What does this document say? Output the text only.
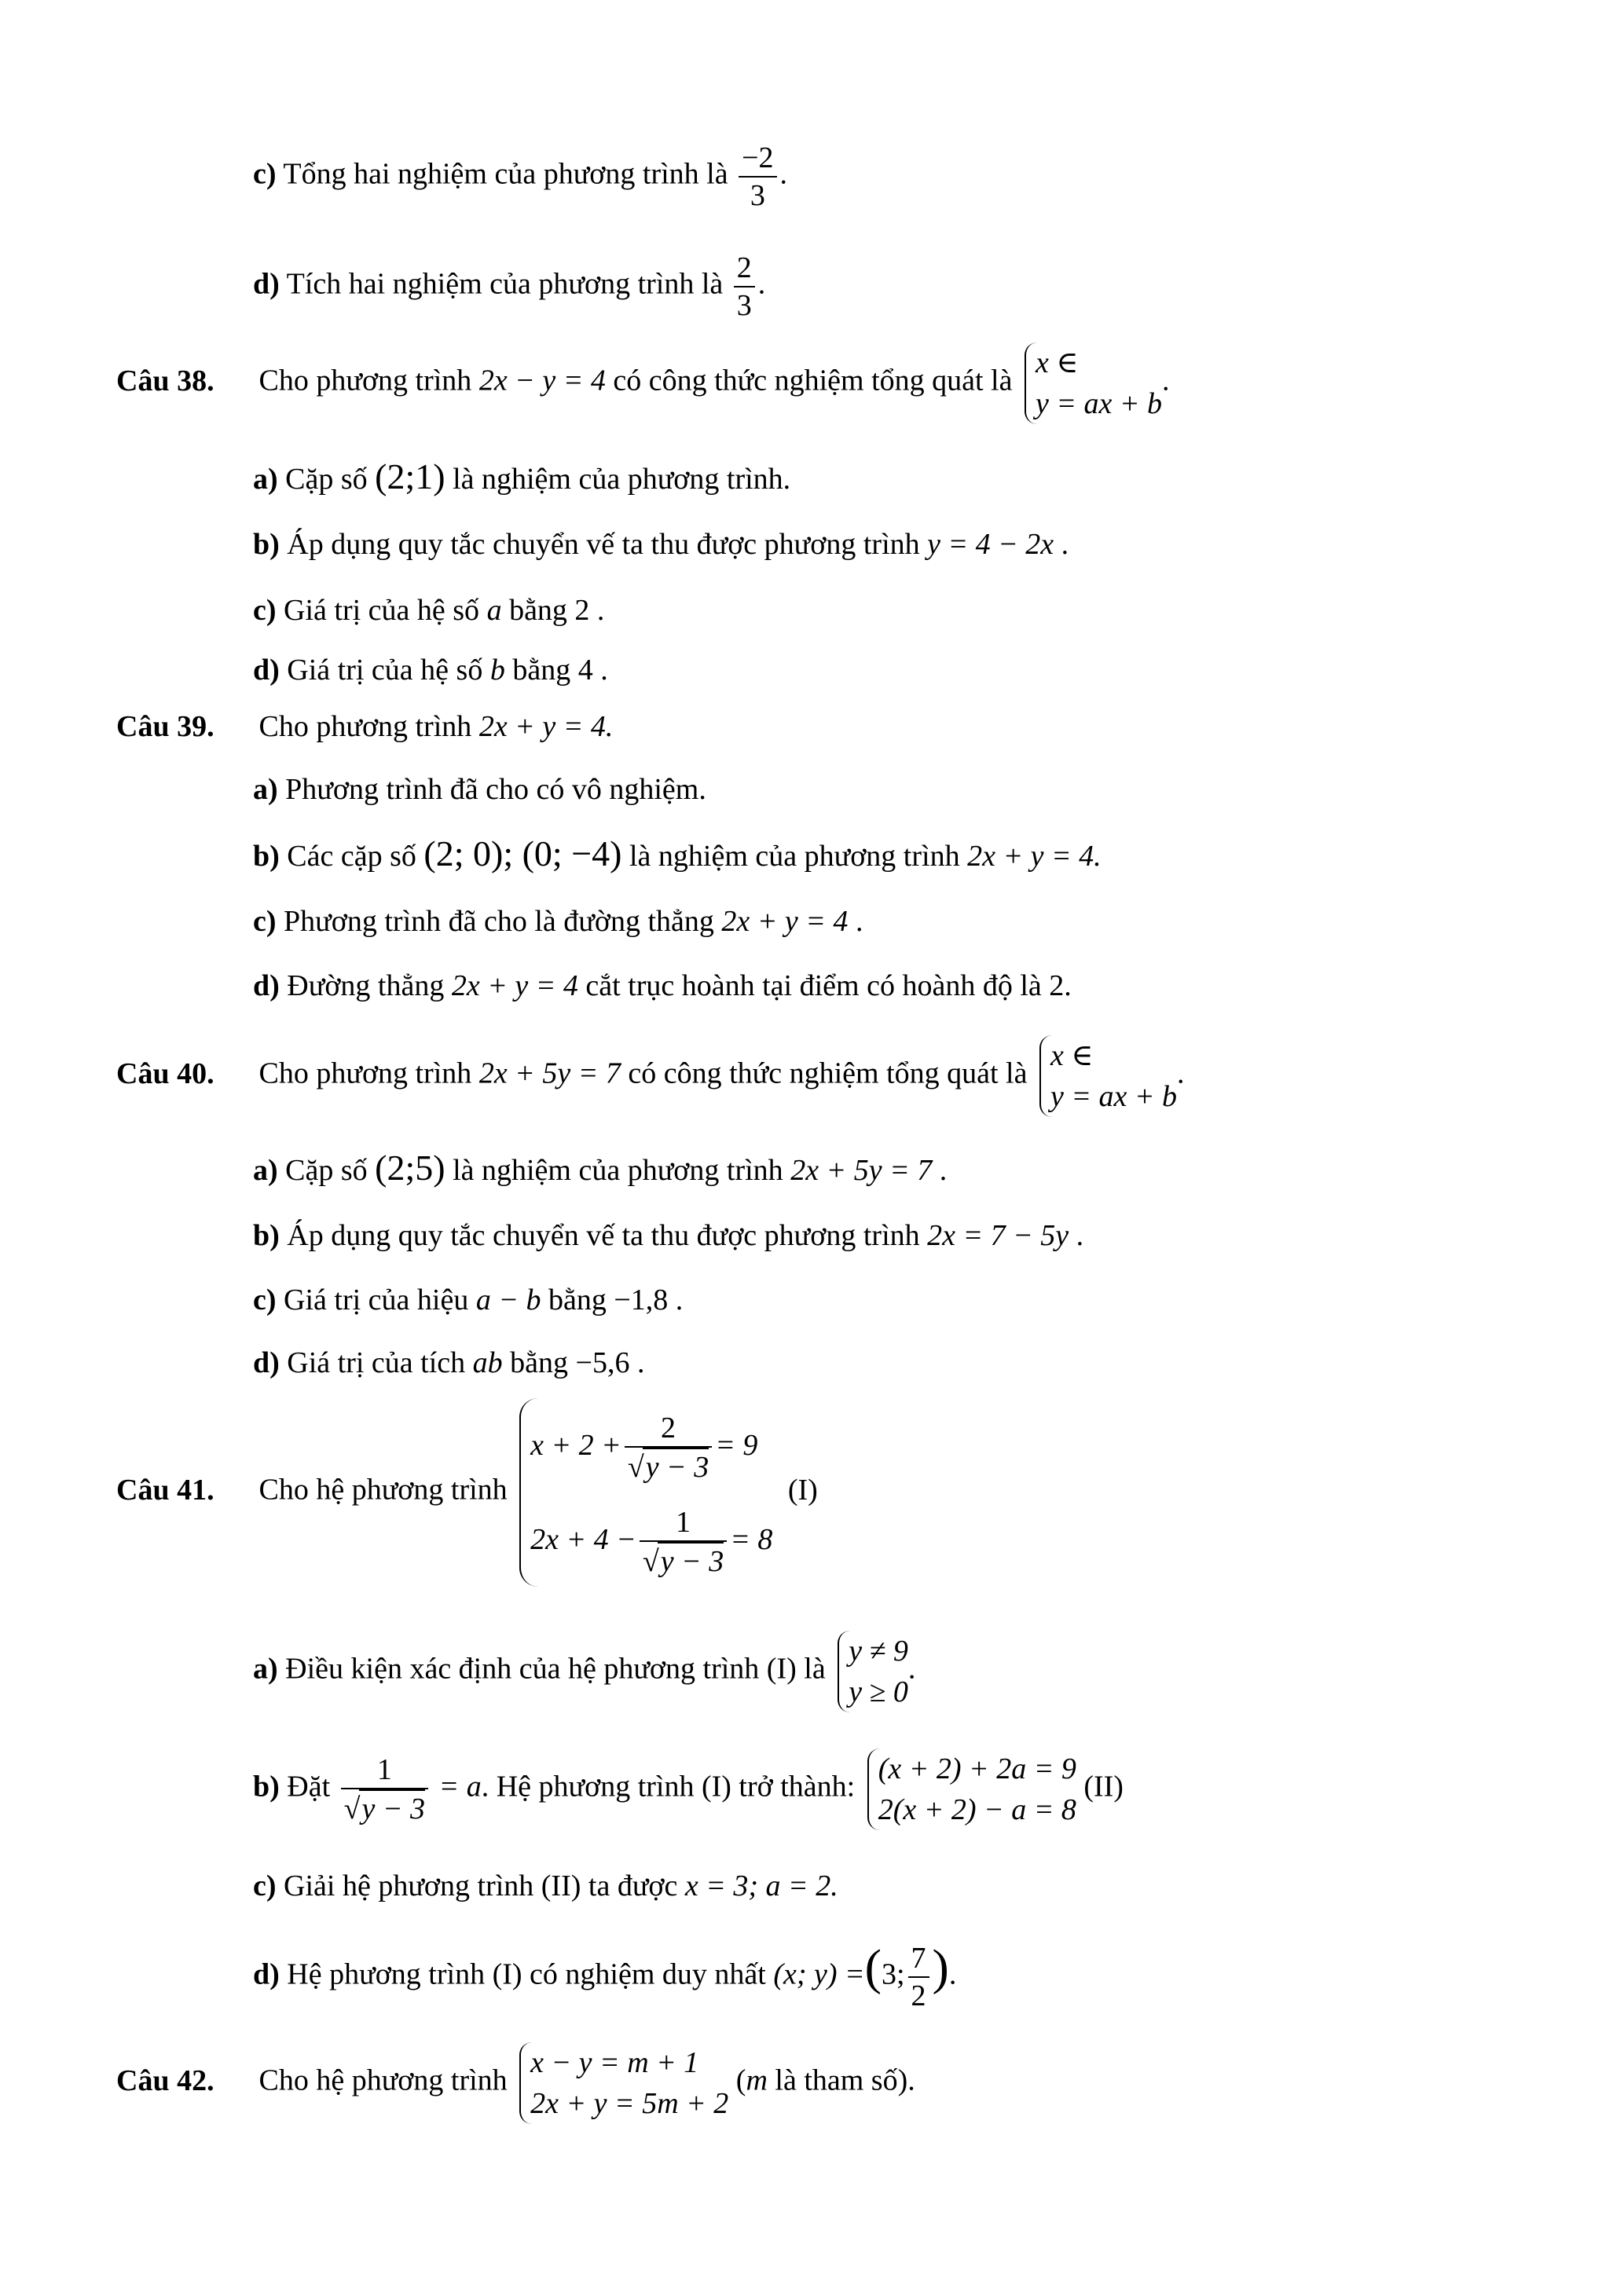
c) Tổng hai nghiệm của phương trình là $\frac{-2}{3}$ .
d) Tích hai nghiệm của phương trình là $\frac{2}{3}$ .
Câu 38. Cho phương trình 2x − y = 4 có công thức nghiệm tổng quát là
x ∈
y = ax + b
.
a) Cặp số (2;1) là nghiệm của phương trình.
b) Áp dụng quy tắc chuyển vế ta thu được phương trình y = 4 − 2x .
c) Giá trị của hệ số a bằng 2 .
d) Giá trị của hệ số b bằng 4 .
Câu 39. Cho phương trình 2x + y = 4.
a) Phương trình đã cho có vô nghiệm.
b) Các cặp số (2; 0); (0; −4) là nghiệm của phương trình 2x + y = 4.
c) Phương trình đã cho là đường thẳng 2x + y = 4 .
d) Đường thẳng 2x + y = 4 cắt trục hoành tại điểm có hoành độ là 2.
Câu 40. Cho phương trình 2x + 5y = 7 có công thức nghiệm tổng quát là
x ∈
y = ax + b
.
a) Cặp số (2;5) là nghiệm của phương trình 2x + 5y = 7 .
b) Áp dụng quy tắc chuyển vế ta thu được phương trình 2x = 7 − 5y .
c) Giá trị của hiệu a − b bằng −1,8 .
d) Giá trị của tích ab bằng −5,6 .
Câu 41. Cho hệ phương trình
$x + 2 + \frac{2}{√y - 3} = 9$
$2x + 4 - \frac{1}{√y - 3} = 8$
(I)
a) Điều kiện xác định của hệ phương trình (I) là
y ≠ 9
y ≥ 0
.
b) Đặt $\frac{1}{√y - 3} = a$. Hệ phương trình (I) trở thành:
(x + 2) + 2a = 9
2(x + 2) − a = 8
(II)
c) Giải hệ phương trình (II) ta được x = 3; a = 2.
d) Hệ phương trình (I) có nghiệm duy nhất (x; y) =(3; $\frac{7}{2}$ ).
Câu 42. Cho hệ phương trình
x − y = m + 1
2x + y = 5m + 2
(m là tham số).
